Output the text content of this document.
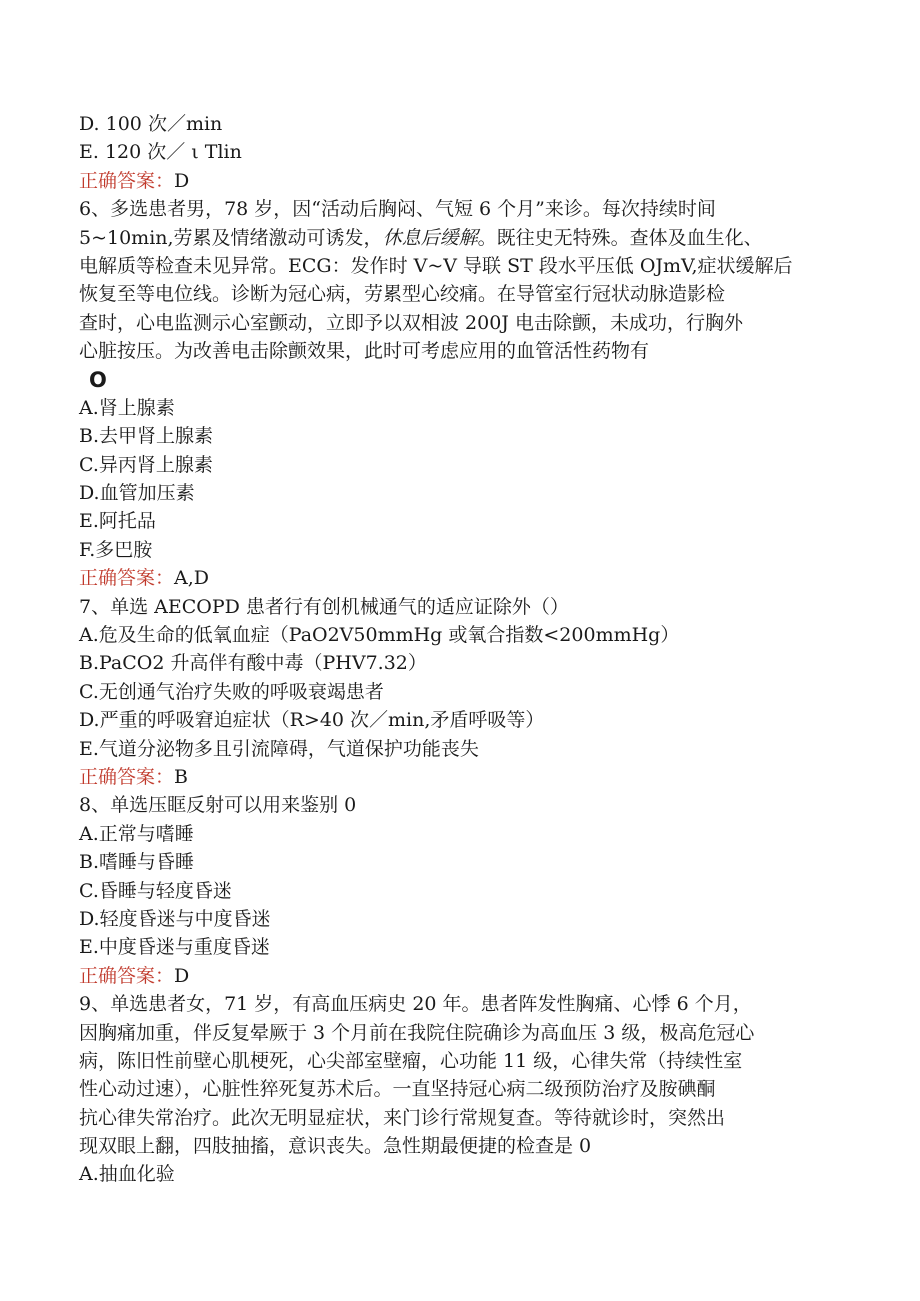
D. 100 次／min
E. 120 次／ ι Tlin
正确答案：D
6、多选患者男，78 岁，因“活动后胸闷、气短 6 个月”来诊。每次持续时间
5~10min,劳累及情绪激动可诱发，休息后缓解。既往史无特殊。查体及血生化、
电解质等检查未见异常。ECG：发作时 V~V 导联 ST 段水平压低 OJmV,症状缓解后
恢复至等电位线。诊断为冠心病，劳累型心绞痛。在导管室行冠状动脉造影检
查时，心电监测示心室颤动，立即予以双相波 200J 电击除颤，未成功，行胸外
心脏按压。为改善电击除颤效果，此时可考虑应用的血管活性药物有
O
A.肾上腺素
B.去甲肾上腺素
C.异丙肾上腺素
D.血管加压素
E.阿托品
F.多巴胺
正确答案：A,D
7、单选 AECOPD 患者行有创机械通气的适应证除外（）
A.危及生命的低氧血症（PaO2V50mmHg 或氧合指数<200mmHg）
B.PaCO2 升高伴有酸中毒（PHV7.32）
C.无创通气治疗失败的呼吸衰竭患者
D.严重的呼吸窘迫症状（R>40 次／min,矛盾呼吸等）
E.气道分泌物多且引流障碍，气道保护功能丧失
正确答案：B
8、单选压眶反射可以用来鉴别 0
A.正常与嗜睡
B.嗜睡与昏睡
C.昏睡与轻度昏迷
D.轻度昏迷与中度昏迷
E.中度昏迷与重度昏迷
正确答案：D
9、单选患者女，71 岁，有高血压病史 20 年。患者阵发性胸痛、心悸 6 个月，
因胸痛加重，伴反复晕厥于 3 个月前在我院住院确诊为高血压 3 级，极高危冠心
病，陈旧性前壁心肌梗死，心尖部室壁瘤，心功能 11 级，心律失常（持续性室
性心动过速），心脏性猝死复苏术后。一直坚持冠心病二级预防治疗及胺碘酮
抗心律失常治疗。此次无明显症状，来门诊行常规复查。等待就诊时，突然出
现双眼上翻，四肢抽搐，意识丧失。急性期最便捷的检查是 0
A.抽血化验
